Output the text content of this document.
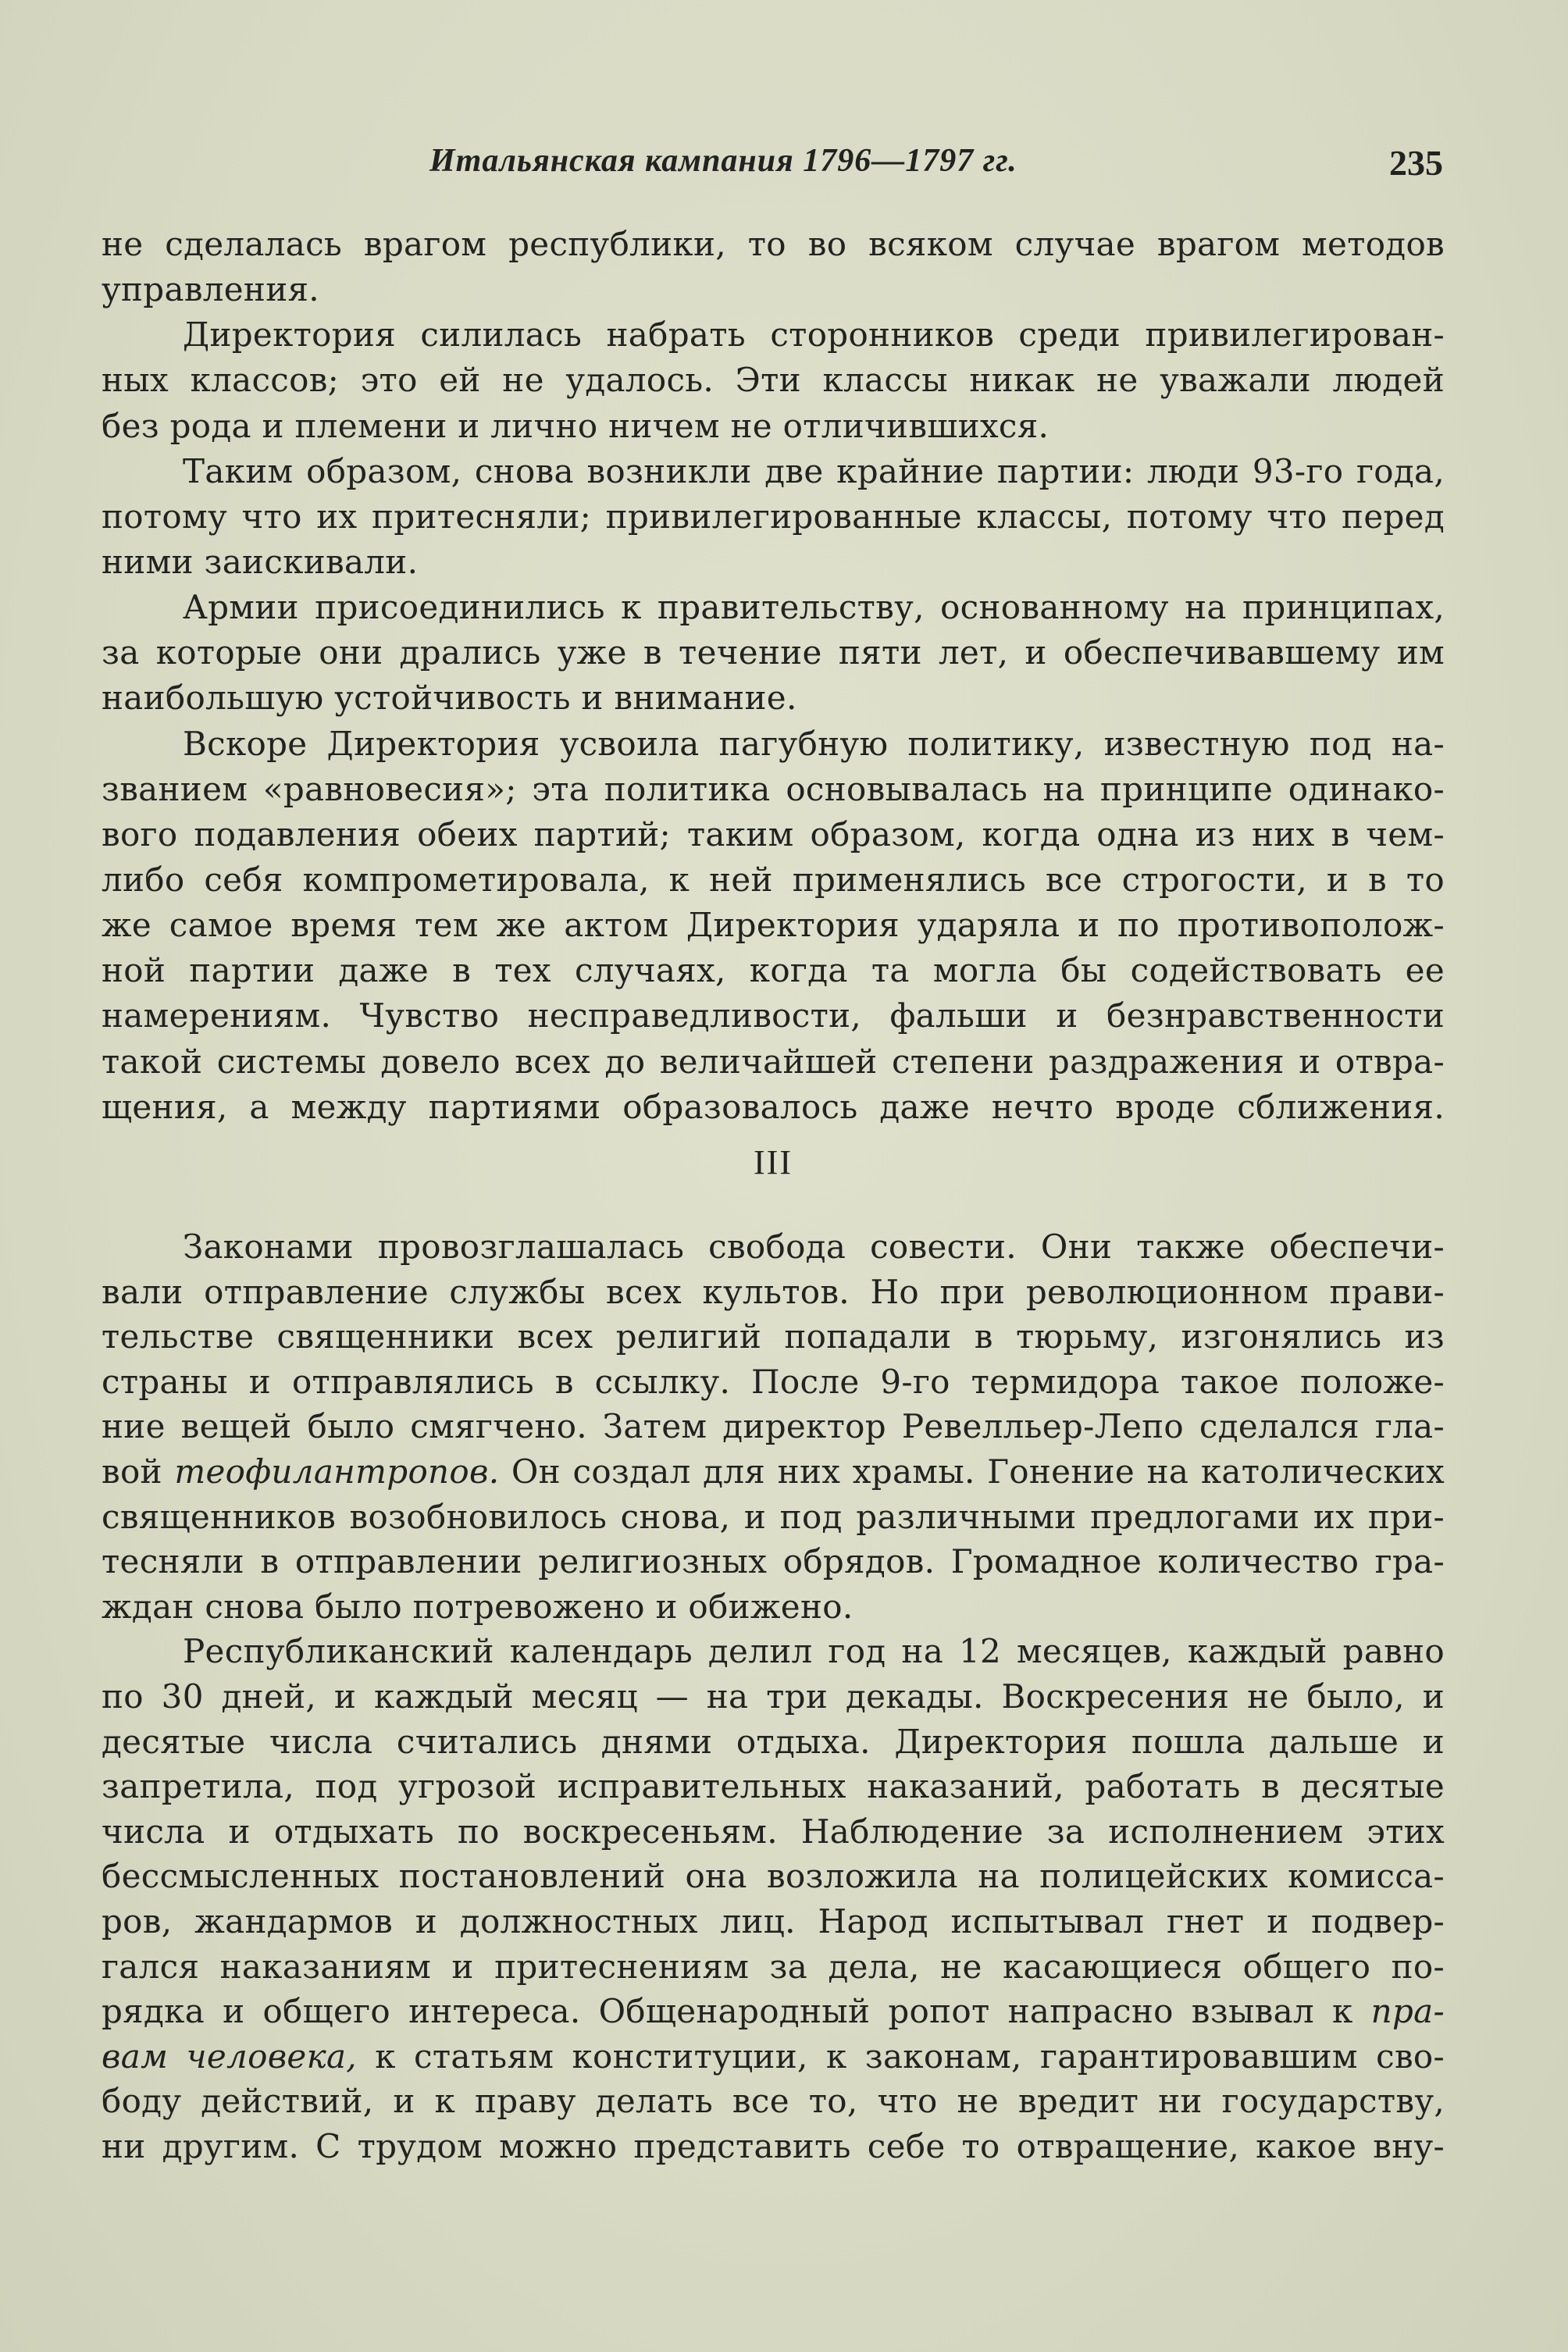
Итальянская кампания 1796—1797 гг.	235
не сделалась врагом республики, то во всяком случае врагом методов
управления.
Директория силилась набрать сторонников среди привилегирован-
ных классов; это ей не удалось. Эти классы никак не уважали людей
без рода и племени и лично ничем не отличившихся.
Таким образом, снова возникли две крайние партии: люди 93-го года,
потому что их притесняли; привилегированные классы, потому что перед
ними заискивали.
Армии присоединились к правительству, основанному на принципах,
за которые они дрались уже в течение пяти лет, и обеспечивавшему им
наибольшую устойчивость и внимание.
Вскоре Директория усвоила пагубную политику, известную под на-
званием «равновесия»; эта политика основывалась на принципе одинако-
вого подавления обеих партий; таким образом, когда одна из них в чем-
либо себя компрометировала, к ней применялись все строгости, и в то
же самое время тем же актом Директория ударяла и по противополож-
ной партии даже в тех случаях, когда та могла бы содействовать ее
намерениям. Чувство несправедливости, фальши и безнравственности
такой системы довело всех до величайшей степени раздражения и отвра-
щения, а между партиями образовалось даже нечто вроде сближения.
III
Законами провозглашалась свобода совести. Они также обеспечи-
вали отправление службы всех культов. Но при революционном прави-
тельстве священники всех религий попадали в тюрьму, изгонялись из
страны и отправлялись в ссылку. После 9-го термидора такое положе-
ние вещей было смягчено. Затем директор Ревелльер-Лепо сделался гла-
вой теофилантропов. Он создал для них храмы. Гонение на католических
священников возобновилось снова, и под различными предлогами их при-
тесняли в отправлении религиозных обрядов. Громадное количество гра-
ждан снова было потревожено и обижено.
Республиканский календарь делил год на 12 месяцев, каждый равно
по 30 дней, и каждый месяц — на три декады. Воскресения не было, и
десятые числа считались днями отдыха. Директория пошла дальше и
запретила, под угрозой исправительных наказаний, работать в десятые
числа и отдыхать по воскресеньям. Наблюдение за исполнением этих
бессмысленных постановлений она возложила на полицейских комисса-
ров, жандармов и должностных лиц. Народ испытывал гнет и подвер-
гался наказаниям и притеснениям за дела, не касающиеся общего по-
рядка и общего интереса. Общенародный ропот напрасно взывал к пра-
вам человека, к статьям конституции, к законам, гарантировавшим сво-
боду действий, и к праву делать все то, что не вредит ни государству,
ни другим. С трудом можно представить себе то отвращение, какое вну-
